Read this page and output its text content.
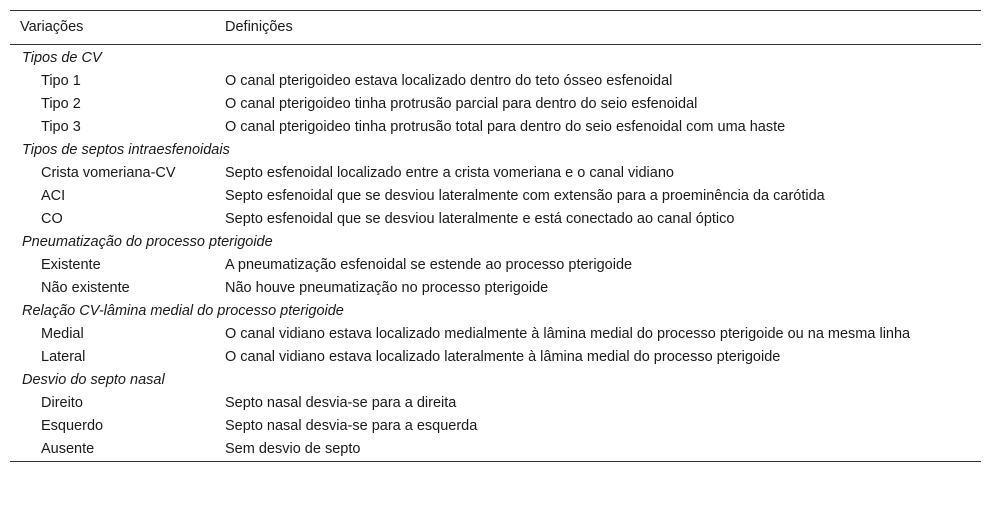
Variações	Definições
Tipos de CV	
Tipo 1	O canal pterigoideo estava localizado dentro do teto ósseo esfenoidal
Tipo 2	O canal pterigoideo tinha protrusão parcial para dentro do seio esfenoidal
Tipo 3	O canal pterigoideo tinha protrusão total para dentro do seio esfenoidal com uma haste
Tipos de septos intraesfenoidais	
Crista vomeriana-CV	Septo esfenoidal localizado entre a crista vomeriana e o canal vidiano
ACI	Septo esfenoidal que se desviou lateralmente com extensão para a proeminência da carótida
CO	Septo esfenoidal que se desviou lateralmente e está conectado ao canal óptico
Pneumatização do processo pterigoide	
Existente	A pneumatização esfenoidal se estende ao processo pterigoide
Não existente	Não houve pneumatização no processo pterigoide
Relação CV-lâmina medial do processo pterigoide	
Medial	O canal vidiano estava localizado medialmente à lâmina medial do processo pterigoide ou na mesma linha
Lateral	O canal vidiano estava localizado lateralmente à lâmina medial do processo pterigoide
Desvio do septo nasal	
Direito	Septo nasal desvia-se para a direita
Esquerdo	Septo nasal desvia-se para a esquerda
Ausente	Sem desvio de septo
